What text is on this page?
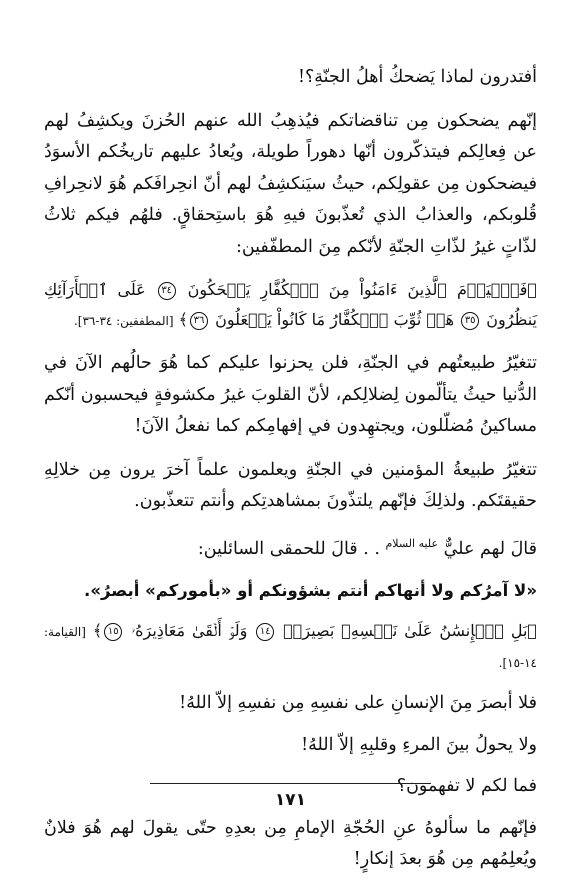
أفتدرون لماذا يَضحكُ أهلُ الجنّةِ؟!

إنّهم يضحكون مِن تناقضاتكم فيُذهِبُ الله عنهم الحُزنَ ويكشِفُ لهم عن فِعالِكم فيتذكّرون أنّها دهوراً طويلة، ويُعادُ عليهم تاريخُكم الأسوَدُ فيضحكون مِن عقولِكم، حيثُ سيَنكشِفُ لهم أنّ انحِرافَكم هُوَ لانحِرافِ قُلوبكم، والعذابُ الذي تُعذّبونَ فيهِ هُوَ باستِحقاقٍ. فلهُم فيكم ثلاثُ لذّاتٍ غيرُ لذّاتِ الجنّةِ لأنّكم مِنَ المطفّفين:

﴿فَٱلۡيَوۡمَ ٱلَّذِينَ ءَامَنُواْ مِنَ ٱلۡكُفَّارِ يَضۡحَكُونَ ٣٤ عَلَى ٱلۡأَرَآئِكِ يَنظُرُونَ ٣٥ هَلۡ ثُوِّبَ ٱلۡكُفَّارُ مَا كَانُواْ يَفۡعَلُونَ ٣٦﴾ [المطففين: ٣٤-٣٦].

تتغيّرُ طبيعتُهم في الجنّةِ، فلن يحزنوا عليكم كما هُوَ حالُهم الآنَ في الدُّنيا حيثُ يتألّمون لِضلالِكم، لأنّ القلوبَ غيرُ مكشوفةٍ فيحسبون أنّكم مساكينُ مُضلّلون، ويجتهِدون في إفهامِكم كما نفعلُ الآنَ!

تتغيّرُ طبيعةُ المؤمنين في الجنّةِ ويعلمون علماً آخرَ يرون مِن خلالِهِ حقيقتَكم. ولذلِكَ فإنّهم يلتذّونَ بمشاهدتِكم وأنتم تتعذّبون.

قالَ لهم عليٌّ $^{عليه السلام}$ . . قالَ للحمقى السائلين:

«لا آمرُكم ولا أنهاكم أنتم بشؤونكم أو «بأموركم» أبصرُ».

﴿بَلِ ٱلۡإِنسَٰنُ عَلَىٰ نَفۡسِهِۦ بَصِيرَةٞ ١٤ وَلَوۡ أَلۡقَىٰ مَعَاذِيرَهُۥ ١٥﴾ [القيامة: ١٤-١٥].

فلا أبصرَ مِنَ الإنسانِ على نفسِهِ مِن نفسِهِ إلاّ اللهُ!

ولا يحولُ بينَ المرءِ وقلبِهِ إلاّ اللهُ!

فما لكم لا تفهمون؟

فإنّهم ما سألوهُ عنِ الحُجّةِ الإمامِ مِن بعدِهِ حتّى يقولَ لهم هُوَ فلانٌ ويُعلِمُهم مِن هُوَ بعدَ إنكارٍ!

١٧١
